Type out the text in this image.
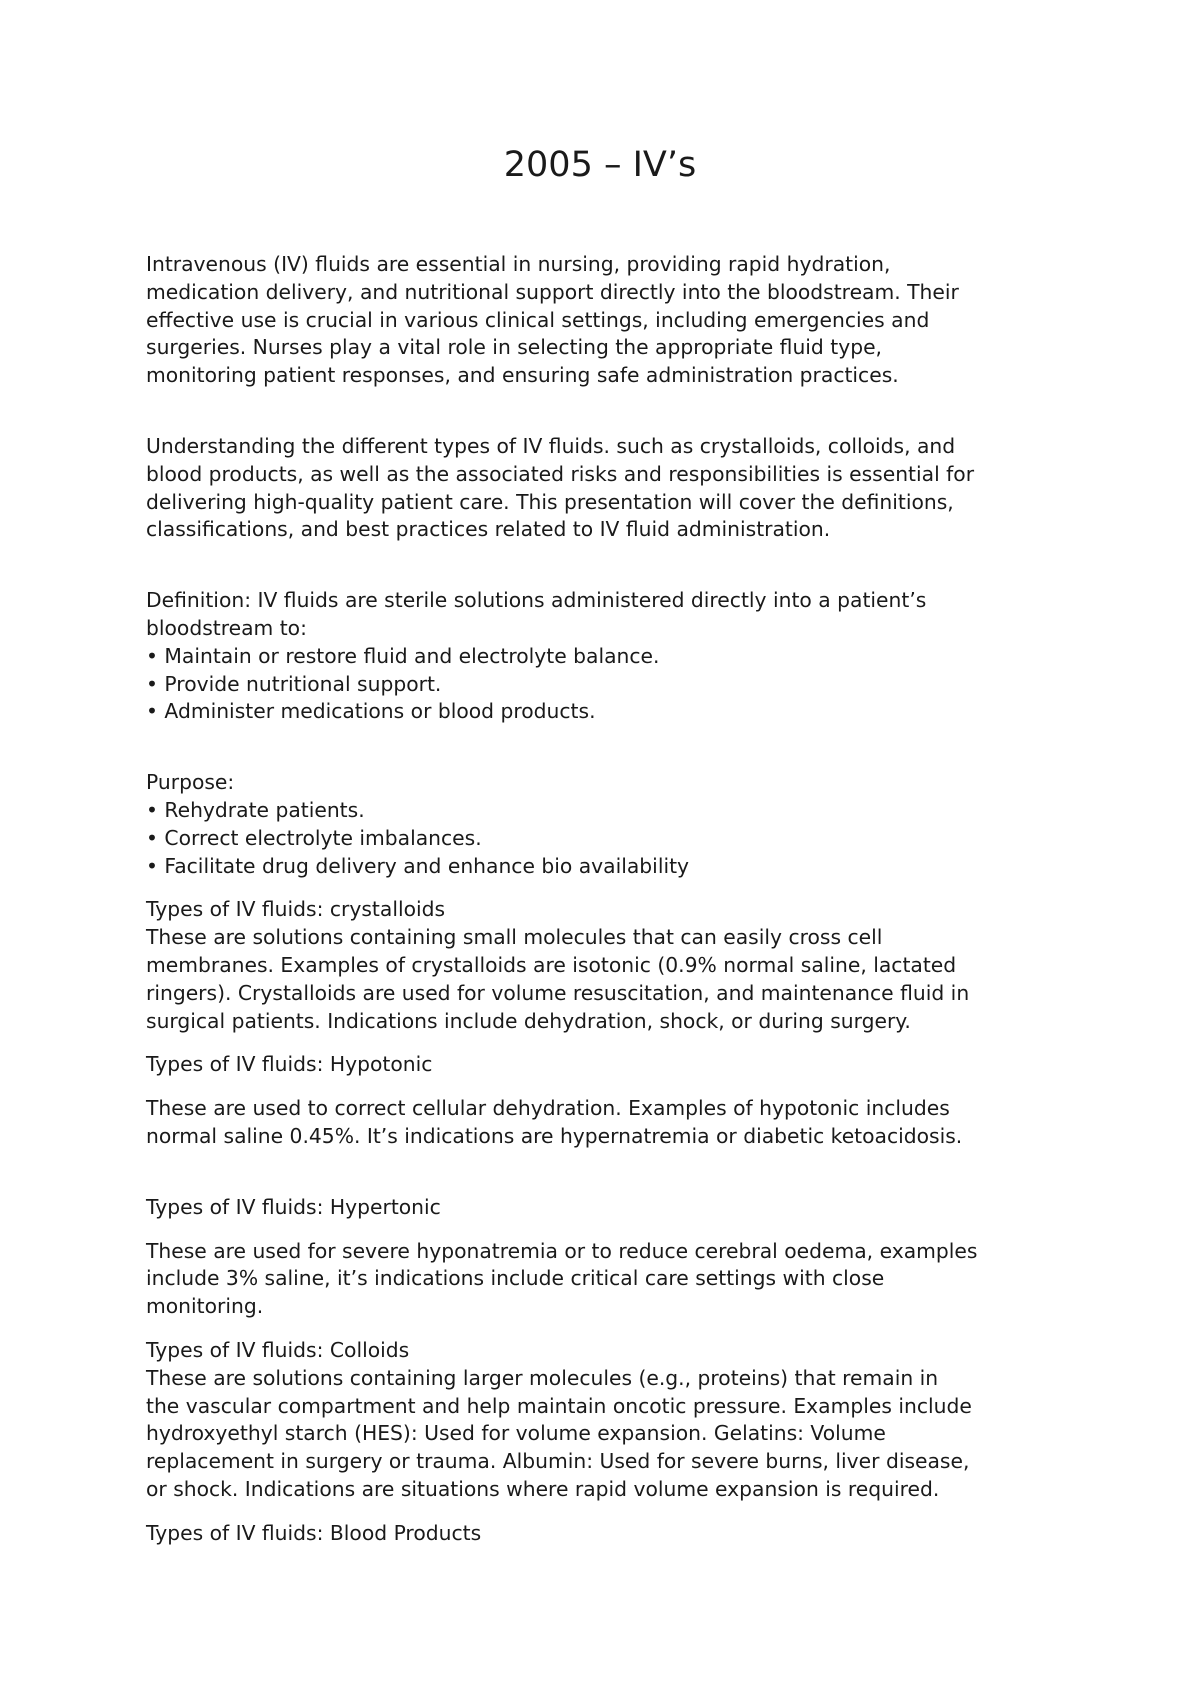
2005 – IV’s

Intravenous (IV) fluids are essential in nursing, providing rapid hydration,
medication delivery, and nutritional support directly into the bloodstream. Their
effective use is crucial in various clinical settings, including emergencies and
surgeries. Nurses play a vital role in selecting the appropriate fluid type,
monitoring patient responses, and ensuring safe administration practices.

Understanding the different types of IV fluids. such as crystalloids, colloids, and
blood products, as well as the associated risks and responsibilities is essential for
delivering high-quality patient care. This presentation will cover the definitions,
classifications, and best practices related to IV fluid administration.

Definition: IV fluids are sterile solutions administered directly into a patient’s
bloodstream to:
• Maintain or restore fluid and electrolyte balance.
• Provide nutritional support.
• Administer medications or blood products.
Purpose:
• Rehydrate patients.
• Correct electrolyte imbalances.
• Facilitate drug delivery and enhance bio availability
Types of IV fluids: crystalloids
These are solutions containing small molecules that can easily cross cell
membranes. Examples of crystalloids are isotonic (0.9% normal saline, lactated
ringers). Crystalloids are used for volume resuscitation, and maintenance fluid in
surgical patients. Indications include dehydration, shock, or during surgery.
Types of IV fluids: Hypotonic
These are used to correct cellular dehydration. Examples of hypotonic includes
normal saline 0.45%. It’s indications are hypernatremia or diabetic ketoacidosis.
Types of IV fluids: Hypertonic
These are used for severe hyponatremia or to reduce cerebral oedema, examples
include 3% saline, it’s indications include critical care settings with close
monitoring.
Types of IV fluids: Colloids
These are solutions containing larger molecules (e.g., proteins) that remain in
the vascular compartment and help maintain oncotic pressure. Examples include
hydroxyethyl starch (HES): Used for volume expansion. Gelatins: Volume
replacement in surgery or trauma. Albumin: Used for severe burns, liver disease,
or shock. Indications are situations where rapid volume expansion is required.
Types of IV fluids: Blood Products
